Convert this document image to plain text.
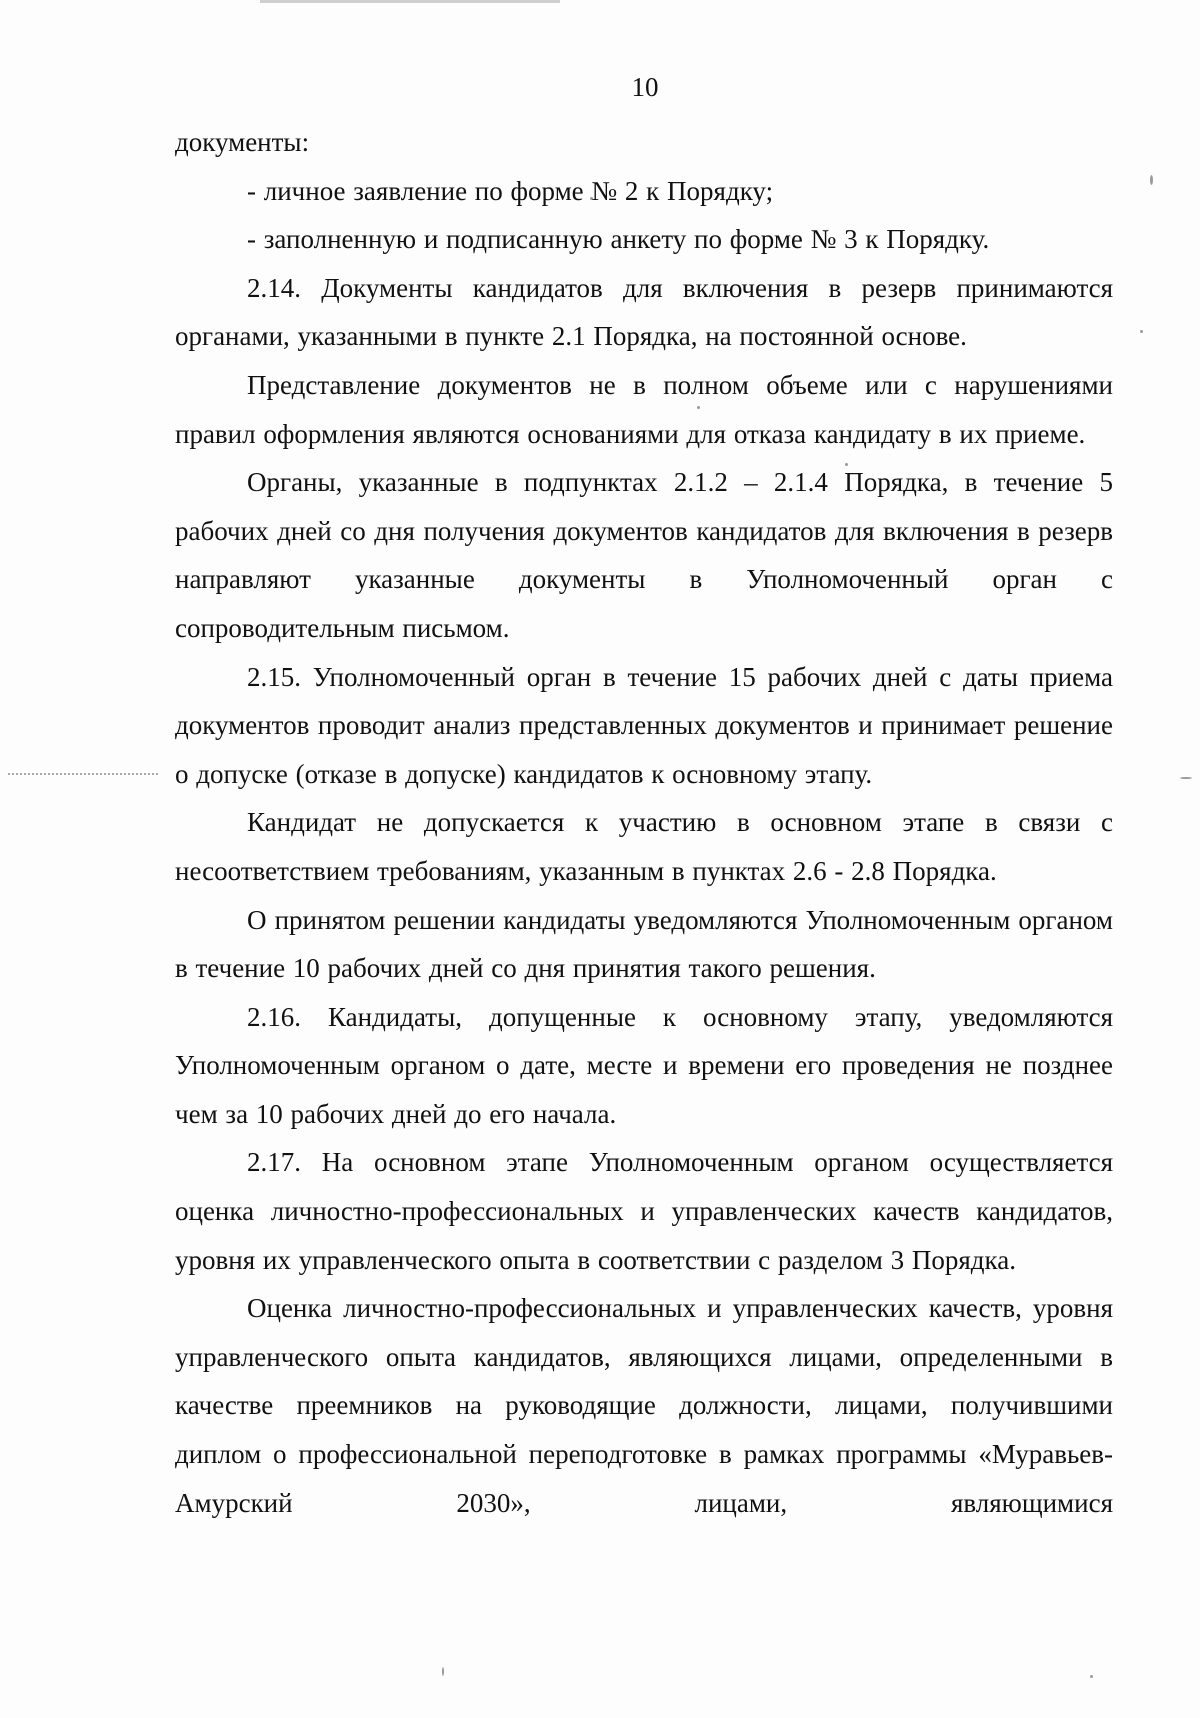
10

документы:

- личное заявление по форме № 2 к Порядку;

- заполненную и подписанную анкету по форме № 3 к Порядку.

2.14. Документы кандидатов для включения в резерв принимаются органами, указанными в пункте 2.1 Порядка, на постоянной основе.

Представление документов не в полном объеме или с нарушениями правил оформления являются основаниями для отказа кандидату в их приеме.

Органы, указанные в подпунктах 2.1.2 – 2.1.4 Порядка, в течение 5 рабочих дней со дня получения документов кандидатов для включения в резерв направляют указанные документы в Уполномоченный орган с сопроводительным письмом.

2.15. Уполномоченный орган в течение 15 рабочих дней с даты приема документов проводит анализ представленных документов и принимает решение о допуске (отказе в допуске) кандидатов к основному этапу.

Кандидат не допускается к участию в основном этапе в связи с несоответствием требованиям, указанным в пунктах 2.6 - 2.8 Порядка.

О принятом решении кандидаты уведомляются Уполномоченным органом в течение 10 рабочих дней со дня принятия такого решения.

2.16. Кандидаты, допущенные к основному этапу, уведомляются Уполномоченным органом о дате, месте и времени его проведения не позднее чем за 10 рабочих дней до его начала.

2.17. На основном этапе Уполномоченным органом осуществляется оценка личностно-профессиональных и управленческих качеств кандидатов, уровня их управленческого опыта в соответствии с разделом 3 Порядка.

Оценка личностно-профессиональных и управленческих качеств, уровня управленческого опыта кандидатов, являющихся лицами, определенными в качестве преемников на руководящие должности, лицами, получившими диплом о профессиональной переподготовке в рамках программы «Муравьев-Амурский 2030», лицами, являющимися
